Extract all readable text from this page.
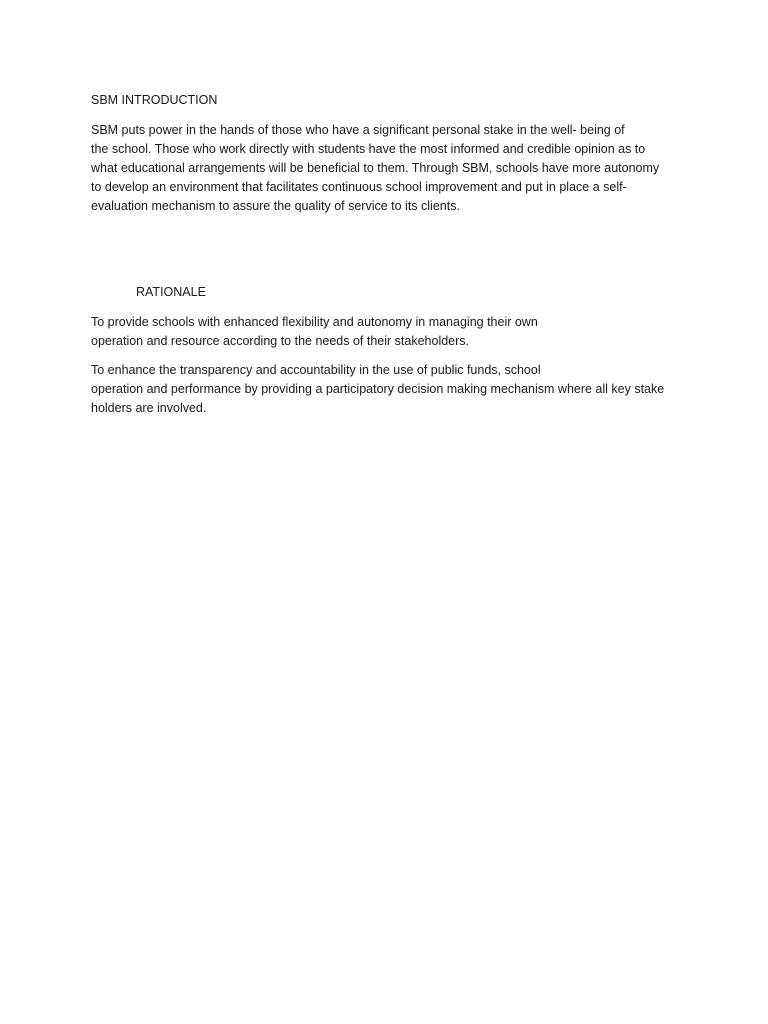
SBM INTRODUCTION

SBM puts power in the hands of those who have a significant personal stake in the well- being of
the school. Those who work directly with students have the most informed and credible opinion as to
what educational arrangements will be beneficial to them. Through SBM, schools have more autonomy
to develop an environment that facilitates continuous school improvement and put in place a self-
evaluation mechanism to assure the quality of service to its clients.

RATIONALE

To provide schools with enhanced flexibility and autonomy in managing their own
operation and resource according to the needs of their stakeholders.

To enhance the transparency and accountability in the use of public funds, school
operation and performance by providing a participatory decision making mechanism where all key stake
holders are involved.
